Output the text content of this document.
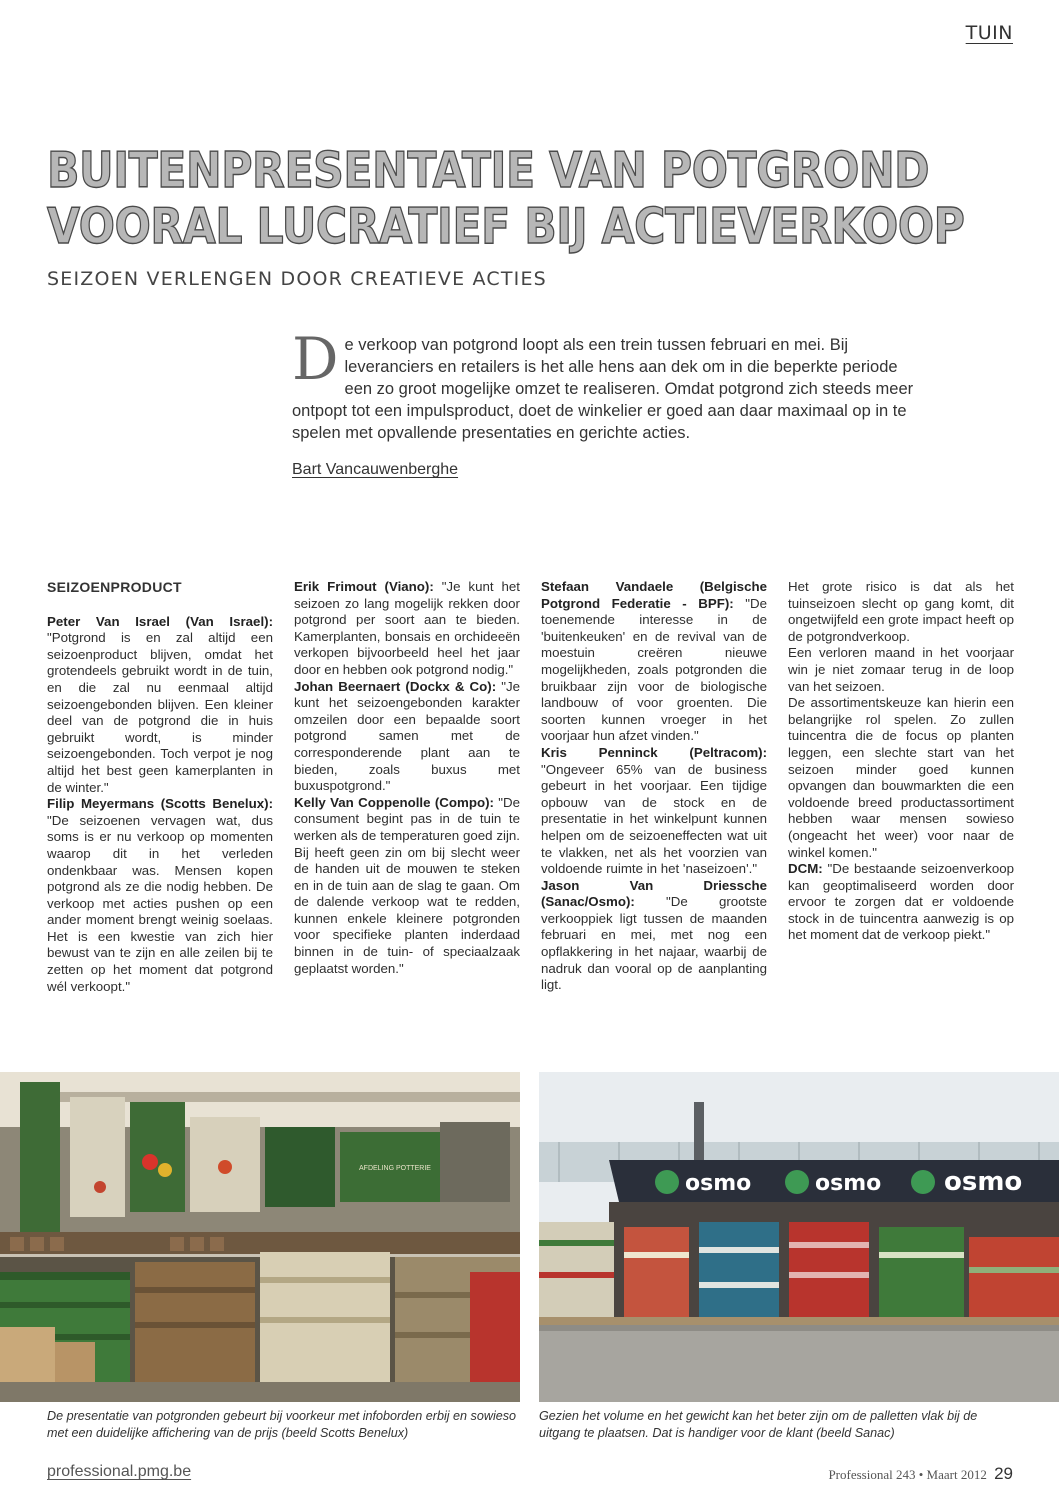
TUIN
BUITENPRESENTATIE VAN POTGROND
VOORAL LUCRATIEF BIJ ACTIEVERKOOP
SEIZOEN VERLENGEN DOOR CREATIEVE ACTIES
De verkoop van potgrond loopt als een trein tussen februari en mei. Bij leveranciers en retailers is het alle hens aan dek om in die beperkte periode een zo groot mogelijke omzet te realiseren. Omdat potgrond zich steeds meer ontpopt tot een impulsproduct, doet de winkelier er goed aan daar maximaal op in te spelen met opvallende presentaties en gerichte acties.
Bart Vancauwenberghe
SEIZOENPRODUCT

Peter Van Israel (Van Israel): "Potgrond is en zal altijd een seizoenproduct blijven, omdat het grotendeels gebruikt wordt in de tuin, en die zal nu eenmaal altijd seizoengebonden blijven. Een kleiner deel van de potgrond die in huis gebruikt wordt, is minder seizoengebonden. Toch verpot je nog altijd het best geen kamerplanten in de winter."

Filip Meyermans (Scotts Benelux): "De seizoenen vervagen wat, dus soms is er nu verkoop op momenten waarop dit in het verleden ondenkbaar was. Mensen kopen potgrond als ze die nodig hebben. De verkoop met acties pushen op een ander moment brengt weinig soelaas. Het is een kwestie van zich hier bewust van te zijn en alle zeilen bij te zetten op het moment dat potgrond wél verkoopt."

Erik Frimout (Viano): "Je kunt het seizoen zo lang mogelijk rekken door potgrond per soort aan te bieden. Kamerplanten, bonsais en orchideeën verkopen bijvoorbeeld heel het jaar door en hebben ook potgrond nodig."

Johan Beernaert (Dockx & Co): "Je kunt het seizoengebonden karakter omzeilen door een bepaalde soort potgrond samen met de corresponderende plant aan te bieden, zoals buxus met buxuspotgrond."

Kelly Van Coppenolle (Compo): "De consument begint pas in de tuin te werken als de temperaturen goed zijn. Bij heeft geen zin om bij slecht weer de handen uit de mouwen te steken en in de tuin aan de slag te gaan. Om de dalende verkoop wat te redden, kunnen enkele kleinere potgronden voor specifieke planten inderdaad binnen in de tuin- of speciaalzaak geplaatst worden."

Stefaan Vandaele (Belgische Potgrond Federatie - BPF): "De toenemende interesse in de 'buitenkeuken' en de revival van de moestuin creëren nieuwe mogelijkheden, zoals potgronden die bruikbaar zijn voor de biologische landbouw of voor groenten. Die soorten kunnen vroeger in het voorjaar hun afzet vinden."

Kris Penninck (Peltracom): "Ongeveer 65% van de business gebeurt in het voorjaar. Een tijdige opbouw van de stock en de presentatie in het winkelpunt kunnen helpen om de seizoeneffecten wat uit te vlakken, net als het voorzien van voldoende ruimte in het 'naseizoen'."

Jason Van Driessche (Sanac/Osmo): "De grootste verkooppiek ligt tussen de maanden februari en mei, met nog een opflakkering in het najaar, waarbij de nadruk dan vooral op de aanplanting ligt.

Het grote risico is dat als het tuinseizoen slecht op gang komt, dit ongetwijfeld een grote impact heeft op de potgrondverkoop.

Een verloren maand in het voorjaar win je niet zomaar terug in de loop van het seizoen.

De assortimentskeuze kan hierin een belangrijke rol spelen. Zo zullen tuincentra die de focus op planten leggen, een slechte start van het seizoen minder goed kunnen opvangen dan bouwmarkten die een voldoende breed productassortiment hebben waar mensen sowieso (ongeacht het weer) voor naar de winkel komen."

DCM: "De bestaande seizoenverkoop kan geoptimaliseerd worden door ervoor te zorgen dat er voldoende stock in de tuincentra aanwezig is op het moment dat de verkoop piekt."

AFDELING POTTERIE
osmo	osmo osmo
De presentatie van potgronden gebeurt bij voorkeur met infoborden erbij en sowieso met een duidelijke affichering van de prijs (beeld Scotts Benelux)
Gezien het volume en het gewicht kan het beter zijn om de palletten vlak bij de uitgang te plaatsen. Dat is handiger voor de klant (beeld Sanac)
professional.pmg.be	Professional 243 • Maart 2012 29
